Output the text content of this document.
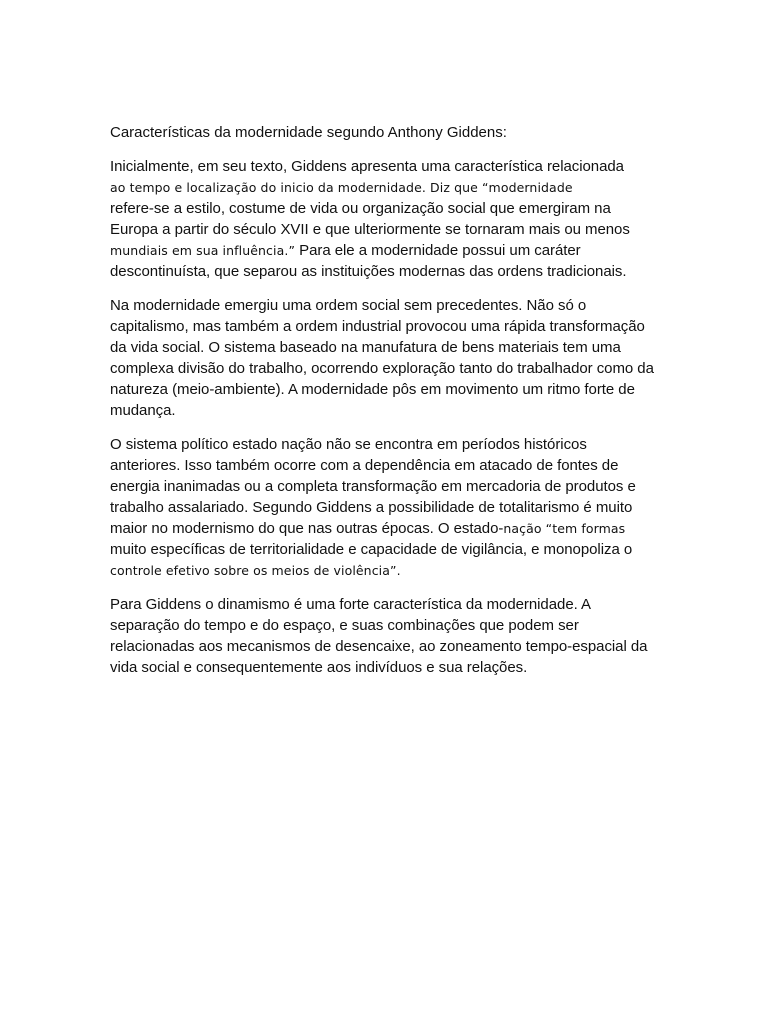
Características da modernidade segundo Anthony Giddens:

Inicialmente, em seu texto, Giddens apresenta uma característica relacionada
ao tempo e localização do inicio da modernidade. Diz que “modernidade
refere-se a estilo, costume de vida ou organização social que emergiram na Europa a partir do século XVII e que ulteriormente se tornaram mais ou menos
mundiais em sua influência.” Para ele a modernidade possui um caráter descontinuísta, que separou as instituições modernas das ordens tradicionais.

Na modernidade emergiu uma ordem social sem precedentes. Não só o capitalismo, mas também a ordem industrial provocou uma rápida transformação da vida social. O sistema baseado na manufatura de bens materiais tem uma complexa divisão do trabalho, ocorrendo exploração tanto do trabalhador como da natureza (meio-ambiente). A modernidade pôs em movimento um ritmo forte de mudança.

O sistema político estado nação não se encontra em períodos históricos anteriores. Isso também ocorre com a dependência em atacado de fontes de energia inanimadas ou a completa transformação em mercadoria de produtos e trabalho assalariado. Segundo Giddens a possibilidade de totalitarismo é muito maior no modernismo do que nas outras épocas. O estado-nação “tem formas muito específicas de territorialidade e capacidade de vigilância, e monopoliza o
controle efetivo sobre os meios de violência”.

Para Giddens o dinamismo é uma forte característica da modernidade. A separação do tempo e do espaço, e suas combinações que podem ser relacionadas aos mecanismos de desencaixe, ao zoneamento tempo-espacial da vida social e consequentemente aos indivíduos e sua relações.
